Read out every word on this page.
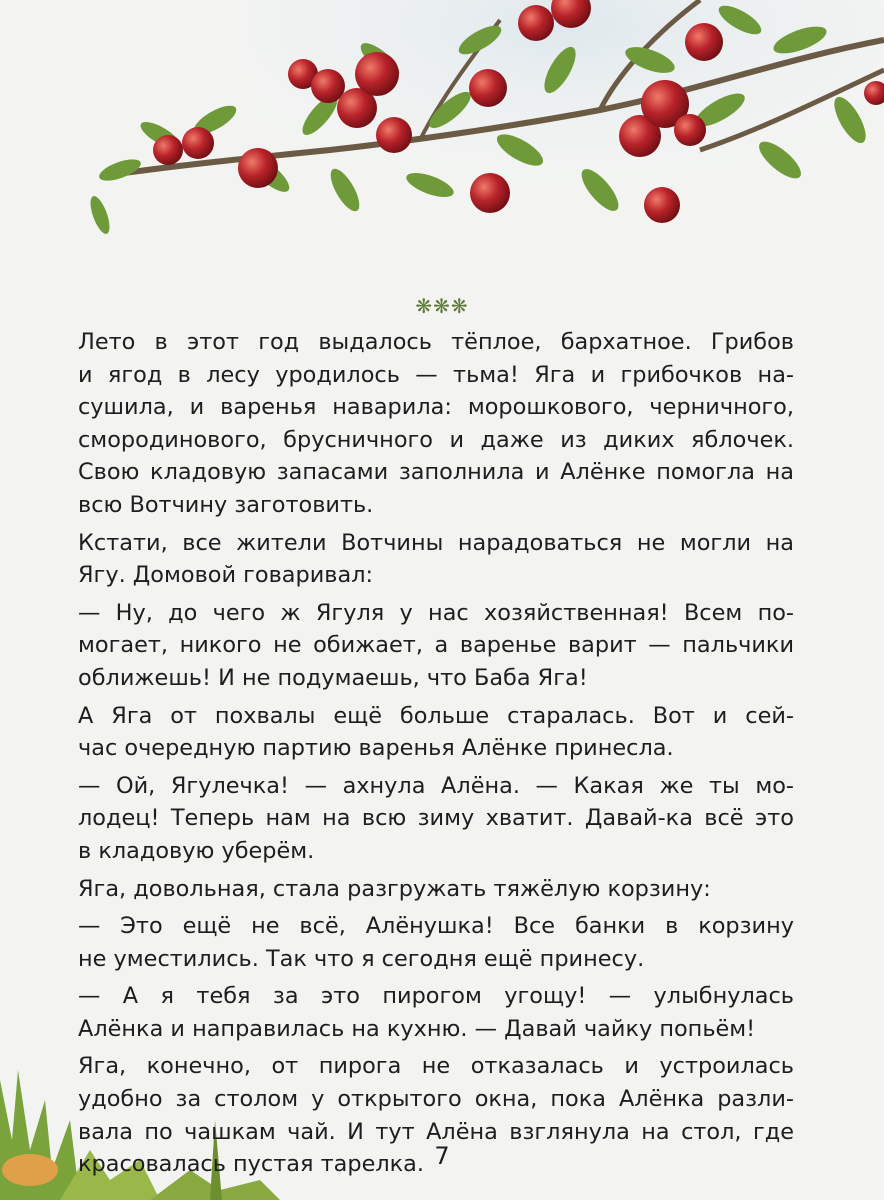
❋❋❋

Лето в этот год выдалось тёплое, бархатное. Грибов
и ягод в лесу уродилось — тьма! Яга и грибочков на-
сушила, и варенья наварила: морошкового, черничного,
смородинового, брусничного и даже из диких яблочек.
Свою кладовую запасами заполнила и Алёнке помогла на
всю Вотчину заготовить.

Кстати, все жители Вотчины нарадоваться не могли на
Ягу. Домовой говаривал:

— Ну, до чего ж Ягуля у нас хозяйственная! Всем по-
могает, никого не обижает, а варенье варит — пальчики
оближешь! И не подумаешь, что Баба Яга!

А Яга от похвалы ещё больше старалась. Вот и сей-
час очередную партию варенья Алёнке принесла.

— Ой, Ягулечка! — ахнула Алёна. — Какая же ты мо-
лодец! Теперь нам на всю зиму хватит. Давай-ка всё это
в кладовую уберём.

Яга, довольная, стала разгружать тяжёлую корзину:

— Это ещё не всё, Алёнушка! Все банки в корзину
не уместились. Так что я сегодня ещё принесу.

— А я тебя за это пирогом угощу! — улыбнулась
Алёнка и направилась на кухню. — Давай чайку попьём!

Яга, конечно, от пирога не отказалась и устроилась
удобно за столом у открытого окна, пока Алёнка разли-
вала по чашкам чай. И тут Алёна взглянула на стол, где
красовалась пустая тарелка. 7
